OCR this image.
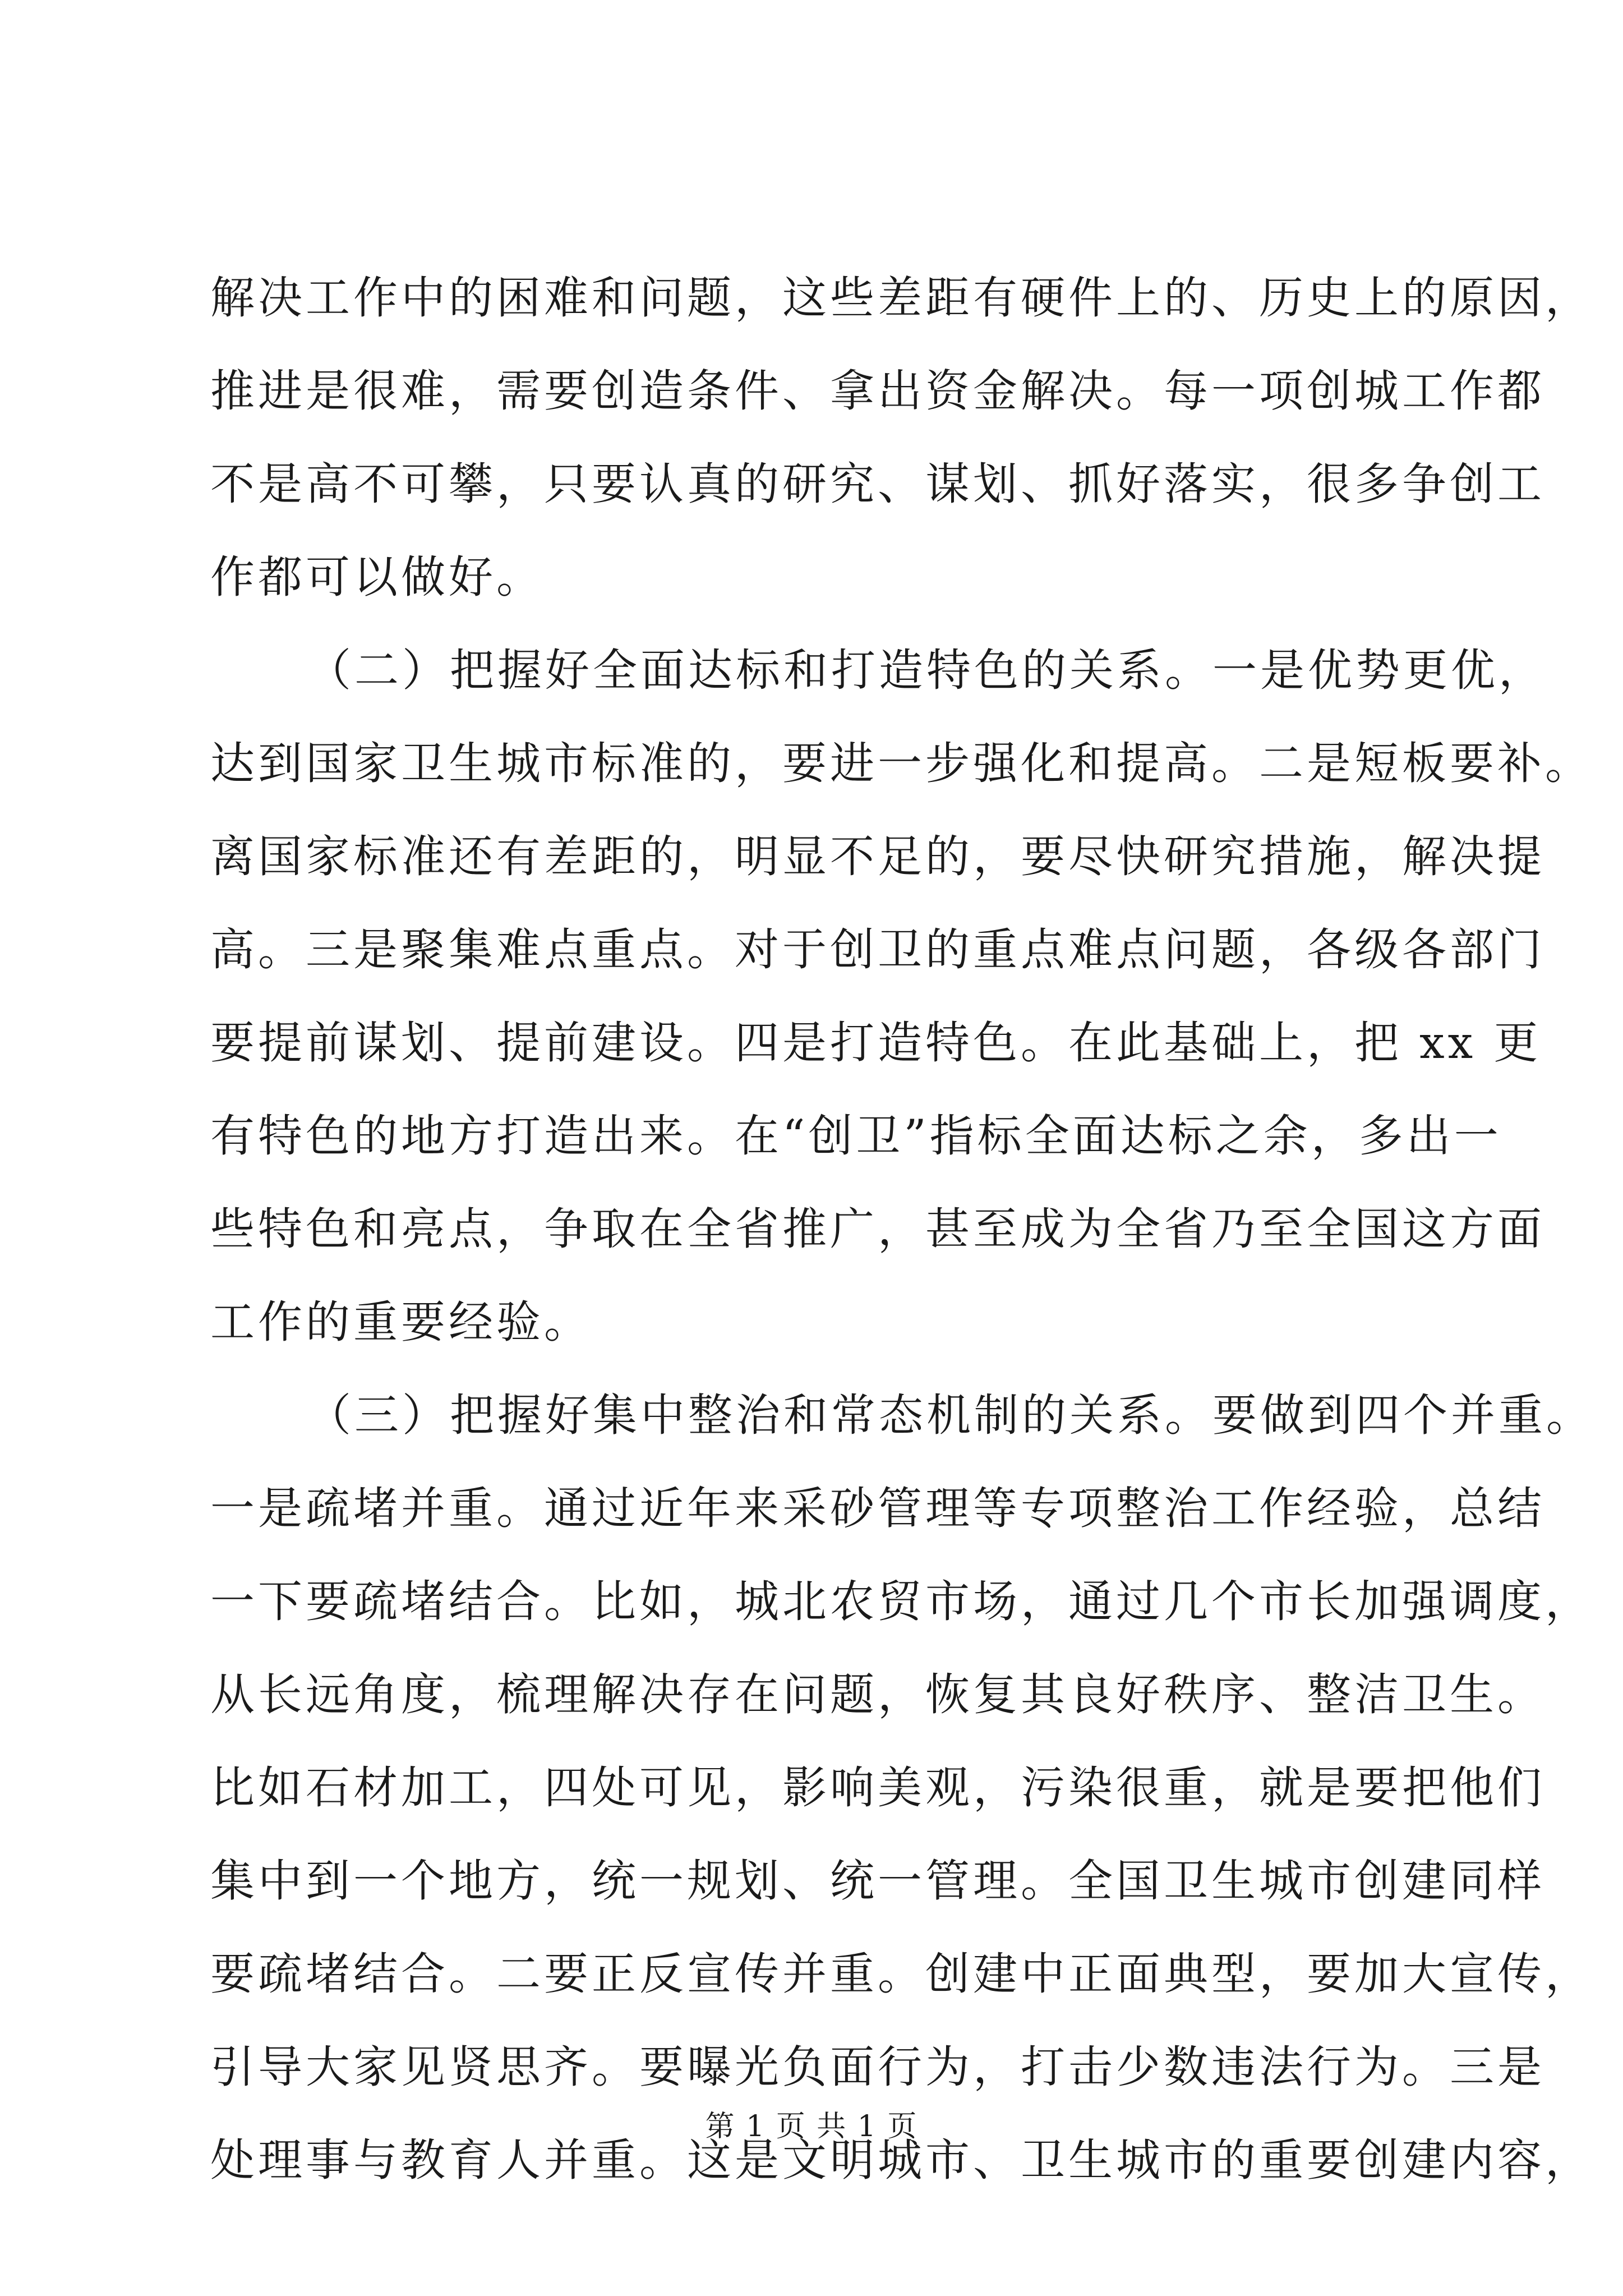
解决工作中的困难和问题，这些差距有硬件上的、历史上的原因，
推进是很难，需要创造条件、拿出资金解决。每一项创城工作都
不是高不可攀，只要认真的研究、谋划、抓好落实，很多争创工
作都可以做好。
（二）把握好全面达标和打造特色的关系。一是优势更优，
达到国家卫生城市标准的，要进一步强化和提高。二是短板要补。
离国家标准还有差距的，明显不足的，要尽快研究措施，解决提
高。三是聚集难点重点。对于创卫的重点难点问题，各级各部门
要提前谋划、提前建设。四是打造特色。在此基础上，把 xx 更
有特色的地方打造出来。在“创卫”指标全面达标之余，多出一
些特色和亮点，争取在全省推广，甚至成为全省乃至全国这方面
工作的重要经验。
（三）把握好集中整治和常态机制的关系。要做到四个并重。
一是疏堵并重。通过近年来采砂管理等专项整治工作经验，总结
一下要疏堵结合。比如，城北农贸市场，通过几个市长加强调度，
从长远角度，梳理解决存在问题，恢复其良好秩序、整洁卫生。
比如石材加工，四处可见，影响美观，污染很重，就是要把他们
集中到一个地方，统一规划、统一管理。全国卫生城市创建同样
要疏堵结合。二要正反宣传并重。创建中正面典型，要加大宣传，
引导大家见贤思齐。要曝光负面行为，打击少数违法行为。三是
处理事与教育人并重。这是文明城市、卫生城市的重要创建内容，
第 1 页 共 1 页
